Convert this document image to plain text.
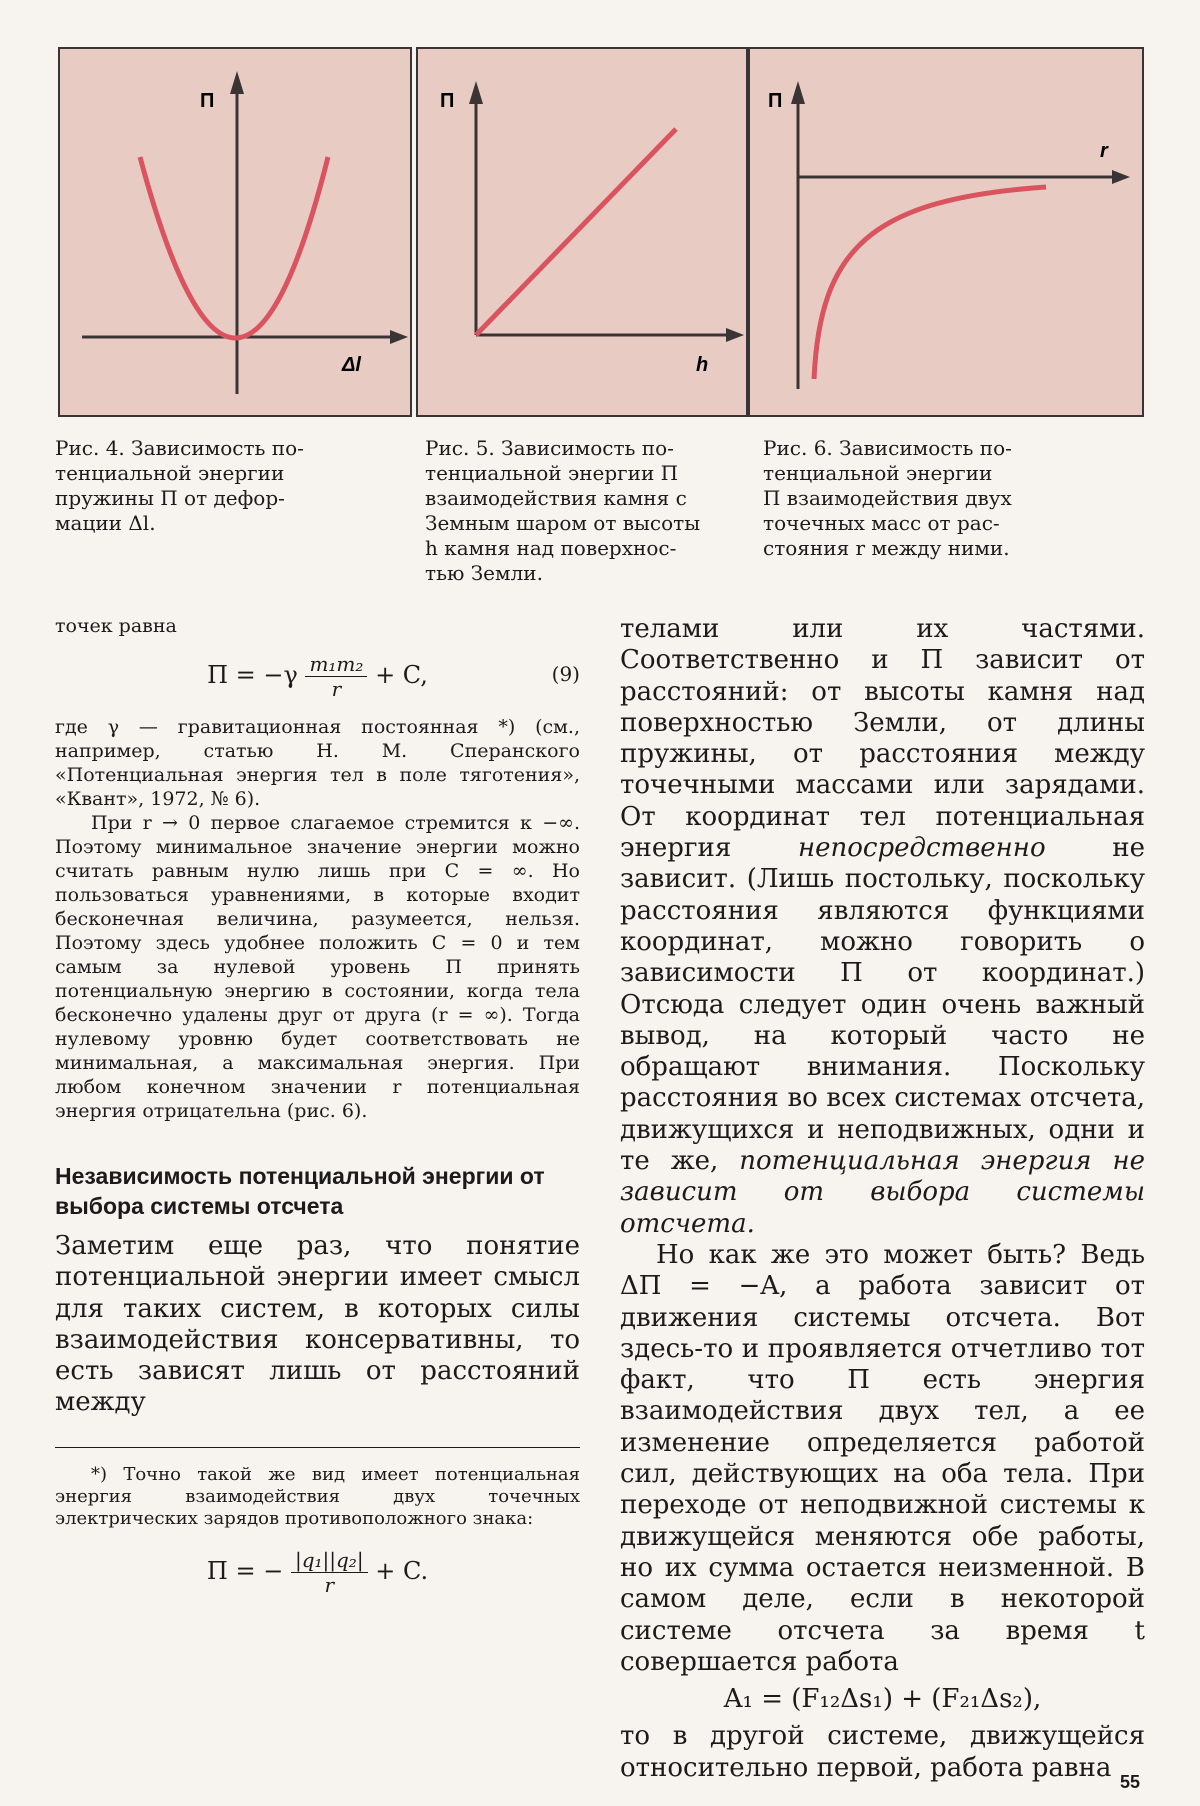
П
Δl
П
h
П
r
Рис. 4. Зависимость по-
тенциальной энергии
пружины П от дефор-
мации Δl.
Рис. 5. Зависимость по-
тенциальной энергии П
взаимодействия камня с
Земным шаром от высоты
h камня над поверхнос-
тью Земли.
Рис. 6. Зависимость по-
тенциальной энергии
П взаимодействия двух
точечных масс от рас-
стояния r между ними.
точек равна
$П = -\gamma \frac{\text{m₁m₂}}{r} + C$,	(9)
где γ — гравитационная постоянная *) (см., например, статью Н. М. Сперанского «Потенциальная энергия тел в поле тяготения», «Квант», 1972, № 6).
При r → 0 первое слагаемое стремится к −∞. Поэтому минимальное значение энергии можно считать равным нулю лишь при C = ∞. Но пользоваться уравнениями, в которые входит бесконечная величина, разумеется, нельзя. Поэтому здесь удобнее положить C = 0 и тем самым за нулевой уровень П принять потенциальную энергию в состоянии, когда тела бесконечно удалены друг от друга (r = ∞). Тогда нулевому уровню будет соответствовать не минимальная, а максимальная энергия. При любом конечном значении r потенциальная энергия отрицательна (рис. 6).
Независимость потенциальной энергии от выбора системы отсчета
Заметим еще раз, что понятие потенциальной энергии имеет смысл для таких систем, в которых силы взаимодействия консервативны, то есть зависят лишь от расстояний между
*) Точно такой же вид имеет потенциальная энергия взаимодействия двух точечных электрических зарядов противоположного знака:
П = − $\frac{\text{|q₁||q₂|}}{r} + C$.
телами или их частями. Соответственно и П зависит от расстояний: от высоты камня над поверхностью Земли, от длины пружины, от расстояния между точечными массами или зарядами. От координат тел потенциальная энергия	непосредственно	не зависит. (Лишь постольку, поскольку расстояния являются функциями координат, можно говорить о зависимости П от координат.) Отсюда следует один очень важный вывод, на который часто не обращают внимания. Поскольку расстояния во всех системах отсчета, движущихся и неподвижных, одни и те же, потенциальная энергия не зависит от выбора системы отсчета.
Но как же это может быть? Ведь ΔП = −A, а работа зависит от движения системы отсчета. Вот здесь-то и проявляется отчетливо тот факт, что П есть энергия взаимодействия двух тел, а ее изменение определяется работой сил, действующих на оба тела. При переходе от неподвижной системы к движущейся меняются обе работы, но их сумма остается неизменной. В самом деле, если в некоторой системе отсчета за время t совершается работа
A₁ = (F₁₂Δs₁) + (F₂₁Δs₂),
то в другой системе, движущейся относительно первой, работа равна 55
